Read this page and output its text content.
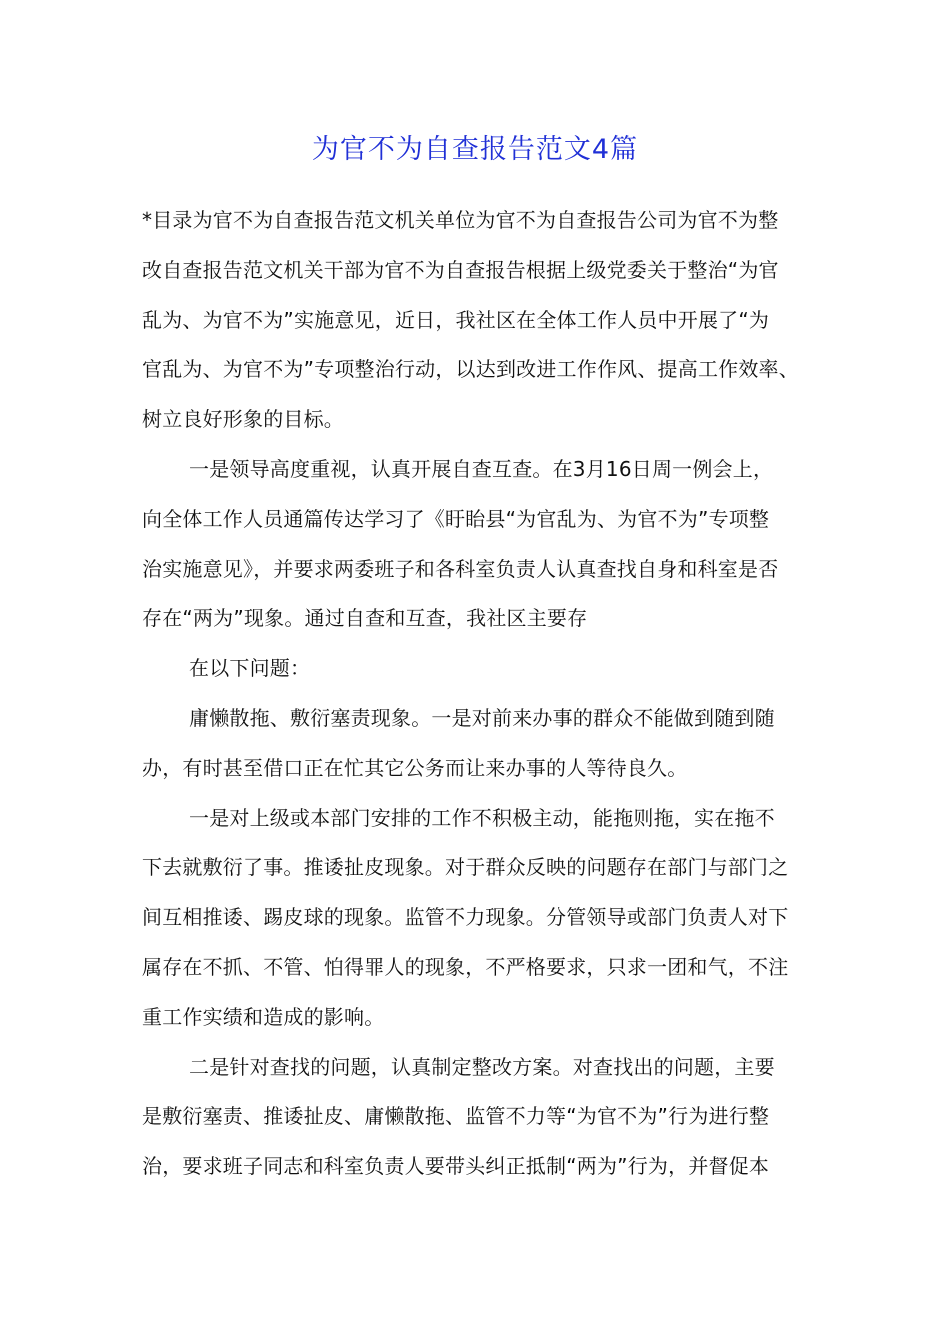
为官不为自查报告范文4篇
*目录为官不为自查报告范文机关单位为官不为自查报告公司为官不为整
改自查报告范文机关干部为官不为自查报告根据上级党委关于整治“为官
乱为、为官不为”实施意见，近日，我社区在全体工作人员中开展了“为
官乱为、为官不为”专项整治行动，以达到改进工作作风、提高工作效率、
树立良好形象的目标。
一是领导高度重视，认真开展自查互查。在3月16日周一例会上，
向全体工作人员通篇传达学习了《盱眙县“为官乱为、为官不为”专项整
治实施意见》，并要求两委班子和各科室负责人认真查找自身和科室是否
存在“两为”现象。通过自查和互查，我社区主要存
在以下问题：
庸懒散拖、敷衍塞责现象。一是对前来办事的群众不能做到随到随
办，有时甚至借口正在忙其它公务而让来办事的人等待良久。
一是对上级或本部门安排的工作不积极主动，能拖则拖，实在拖不
下去就敷衍了事。推诿扯皮现象。对于群众反映的问题存在部门与部门之
间互相推诿、踢皮球的现象。监管不力现象。分管领导或部门负责人对下
属存在不抓、不管、怕得罪人的现象，不严格要求，只求一团和气，不注
重工作实绩和造成的影响。
二是针对查找的问题，认真制定整改方案。对查找出的问题，主要
是敷衍塞责、推诿扯皮、庸懒散拖、监管不力等“为官不为”行为进行整
治，要求班子同志和科室负责人要带头纠正抵制“两为”行为，并督促本
